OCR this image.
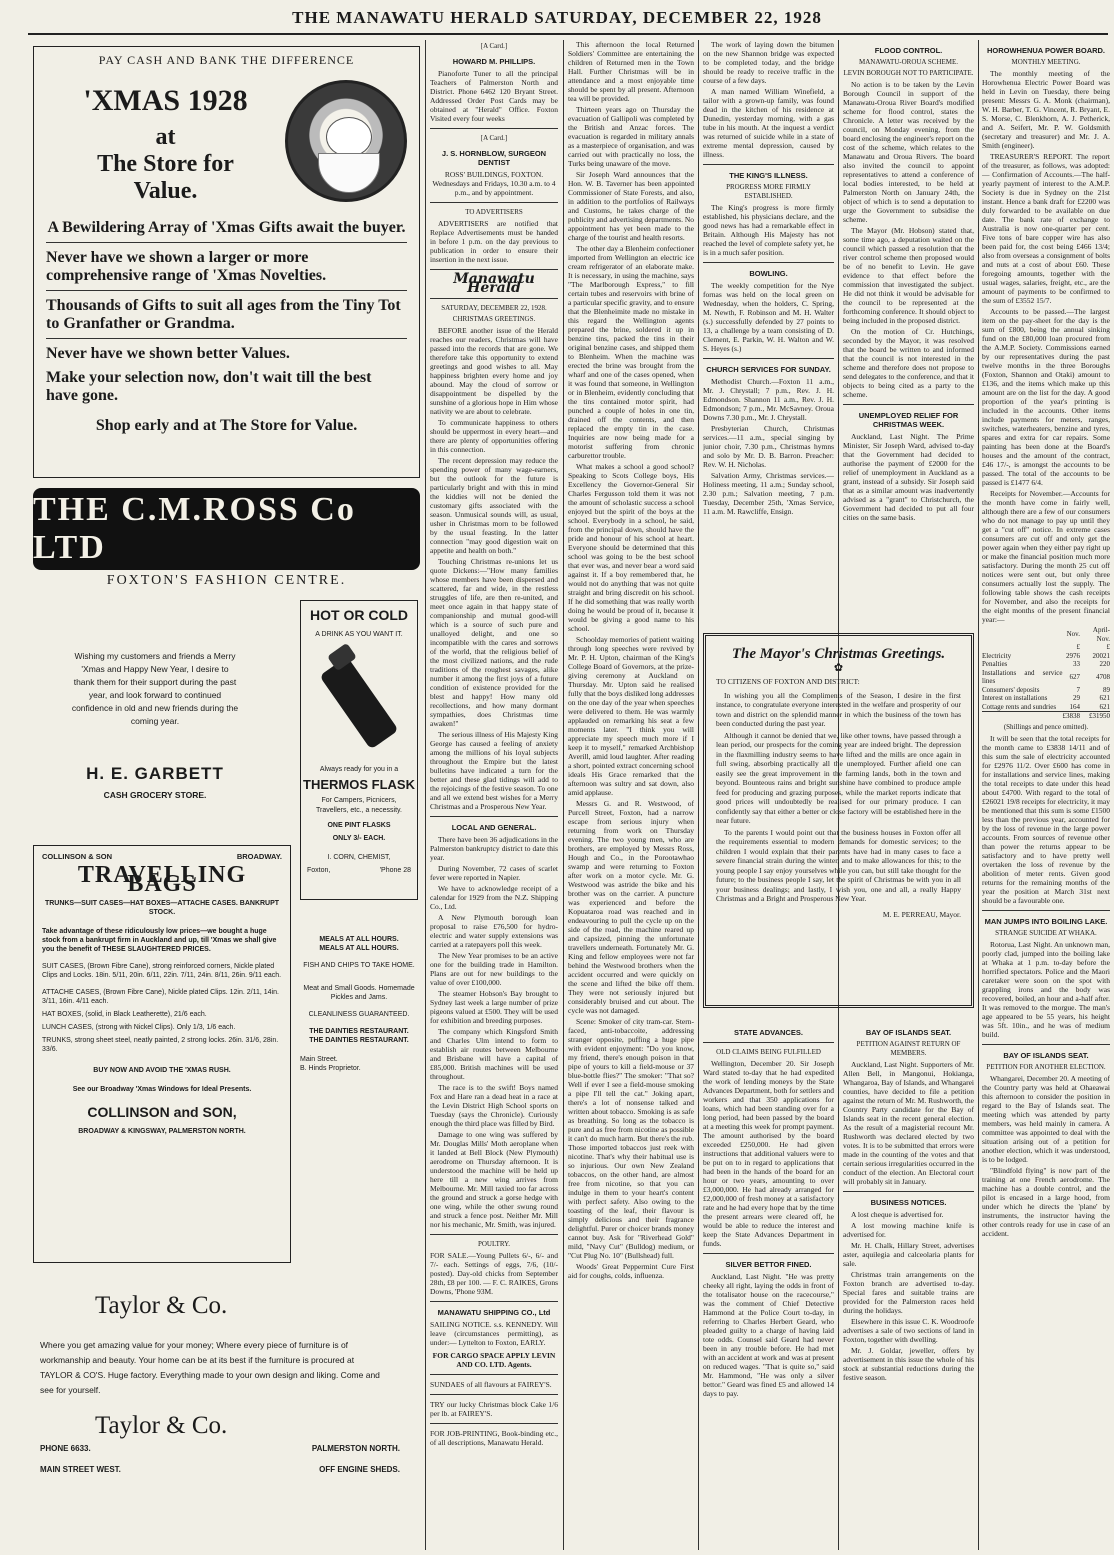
THE MANAWATU HERALD SATURDAY, DECEMBER 22, 1928
PAY CASH AND BANK THE DIFFERENCE
'XMAS 1928
at
The Store for
Value.
A Bewildering Array of 'Xmas Gifts await the buyer.
Never have we shown a larger or more comprehensive range of 'Xmas Novelties.
Thousands of Gifts to suit all ages from the Tiny Tot to Granfather or Grandma.
Never have we shown better Values.
Make your selection now, don't wait till the best have gone.
Shop early and at The Store for Value.
THE C.M.ROSS Co LTD
FOXTON'S FASHION CENTRE.
Wishing my customers and friends a Merry 'Xmas and Happy New Year, I desire to thank them for their support during the past year, and look forward to continued confidence in old and new friends during the coming year.
H. E. GARBETT
CASH GROCERY STORE.
HOT OR COLD
A DRINK AS YOU WANT IT.
Always ready for you in a
THERMOS FLASK
For Campers, Picnicers, Travellers, etc., a necessity.
ONE PINT FLASKS
ONLY 3/- EACH.
I. CORN, CHEMIST,
Foxton,	'Phone 28
COLLINSON & SON	BROADWAY.
TRAVELLING BAGS
TRUNKS—SUIT CASES—HAT BOXES—ATTACHE CASES. BANKRUPT STOCK.
Take advantage of these ridiculously low prices—we bought a huge stock from a bankrupt firm in Auckland and up, till 'Xmas we shall give you the benefit of THESE SLAUGHTERED PRICES.
SUIT CASES, (Brown Fibre Cane), strong reinforced corners, Nickle plated Clips and Locks. 18in. 5/11, 20in. 6/11, 22in. 7/11, 24in. 8/11, 26in. 9/11 each.
ATTACHE CASES, (Brown Fibre Cane), Nickle plated Clips. 12in. 2/11, 14in. 3/11, 16in. 4/11 each.
HAT BOXES, (solid, in Black Leatherette), 21/6 each.
LUNCH CASES, (strong with Nickel Clips). Only 1/3, 1/6 each.
TRUNKS, strong sheet steel, neatly painted, 2 strong locks. 26in. 31/6, 28in. 33/6.
BUY NOW AND AVOID THE 'XMAS RUSH.
See our Broadway 'Xmas Windows for Ideal Presents.
COLLINSON and SON,
BROADWAY & KINGSWAY, PALMERSTON NORTH.
MEALS AT ALL HOURS.
MEALS AT ALL HOURS.
FISH AND CHIPS TO TAKE HOME.
Meat and Small Goods. Homemade Pickles and Jams.
CLEANLINESS GUARANTEED.
THE DAINTIES RESTAURANT.
THE DAINTIES RESTAURANT.
Main Street.
B. Hinds Proprietor.
Taylor & Co.
Where you get amazing value for your money; Where every piece of furniture is of workmanship and beauty. Your home can be at its best if the furniture is procured at TAYLOR & CO'S. Huge factory. Everything made to your own design and liking. Come and see for yourself.
Taylor & Co.
PHONE 6633.	PALMERSTON NORTH.
MAIN STREET WEST.	OFF ENGINE SHEDS.
[A Card.]
HOWARD M. PHILLIPS.

Pianoforte Tuner to all the principal Teachers of Palmerston North and District. Phone 6462 120 Bryant Street. Addressed Order Post Cards may be obtained at "Herald" Office. Foxton Visited every four weeks

[A Card.]
J. S. HORNBLOW, SURGEON DENTIST

ROSS' BUILDINGS, FOXTON. Wednesdays and Fridays, 10.30 a.m. to 4 p.m., and by appointment.

TO ADVERTISERS

ADVERTISERS are notified that Replace Advertisements must be handed in before 1 p.m. on the day previous to publication in order to ensure their insertion in the next issue.

Manawatu Herald
SATURDAY, DECEMBER 22, 1928.
CHRISTMAS GREETINGS.

BEFORE another issue of the Herald reaches our readers, Christmas will have passed into the records that are gone. We therefore take this opportunity to extend greetings and good wishes to all. May happiness brighten every home and joy abound. May the cloud of sorrow or disappointment be dispelled by the sunshine of a glorious hope in Him whose nativity we are about to celebrate.

To communicate happiness to others should be uppermost in every heart—and there are plenty of opportunities offering in this connection.

The recent depression may reduce the spending power of many wage-earners, but the outlook for the future is particularly bright and with this in mind the kiddies will not be denied the customary gifts associated with the season. Unmusical sounds will, as usual, usher in Christmas morn to be followed by the usual feasting. In the latter connection "may good digestion wait on appetite and health on both."

Touching Christmas re-unions let us quote Dickens:—"How many families whose members have been dispersed and scattered, far and wide, in the restless struggles of life, are then re-united, and meet once again in that happy state of companionship and mutual good-will which is a source of such pure and unalloyed delight, and one so incompatible with the cares and sorrows of the world, that the religious belief of the most civilized nations, and the rude traditions of the roughest savages, alike number it among the first joys of a future condition of existence provided for the blest and happy! How many old recollections, and how many dormant sympathies, does Christmas time awaken!"

The serious illness of His Majesty King George has caused a feeling of anxiety among the millions of his loyal subjects throughout the Empire but the latest bulletins have indicated a turn for the better and these glad tidings will add to the rejoicings of the festive season. To one and all we extend best wishes for a Merry Christmas and a Prosperous New Year.

LOCAL AND GENERAL.

There have been 36 adjudications in the Palmerston bankruptcy district to date this year.

During November, 72 cases of scarlet fever were reported in Napier.

We have to acknowledge receipt of a calendar for 1929 from the N.Z. Shipping Co., Ltd.

A New Plymouth borough loan proposal to raise £76,500 for hydro-electric and water supply extensions was carried at a ratepayers poll this week.

The New Year promises to be an active one for the building trade in Hamilton. Plans are out for new buildings to the value of over £100,000.

The steamer Hobson's Bay brought to Sydney last week a large number of prize pigeons valued at £500. They will be used for exhibition and breeding purposes.

The company which Kingsford Smith and Charles Ulm intend to form to establish air routes between Melbourne and Brisbane will have a capital of £85,000. British machines will be used throughout.

The race is to the swift! Boys named Fox and Hare ran a dead heat in a race at the Levin District High School sports on Tuesday (says the Chronicle). Curiously enough the third place was filled by Bird.

Damage to one wing was suffered by Mr. Douglas Mills' Moth aeroplane when it landed at Bell Block (New Plymouth) aerodrome on Thursday afternoon. It is understood the machine will be held up here till a new wing arrives from Melbourne. Mr. Mill taxied too far across the ground and struck a gorse hedge with one wing, while the other swung round and struck a fence post. Neither Mr. Mill nor his mechanic, Mr. Smith, was injured.

POULTRY.

FOR SALE.—Young Pullets 6/-, 6/- and 7/- each. Settings of eggs, 7/6, (10/- posted). Day-old chicks from September 28th, £8 per 100. — F. C. RAIKES, Grons Downs, 'Phone 93M.

MANAWATU SHIPPING CO., Ltd

SAILING NOTICE. s.s. KENNEDY. Will leave (circumstances permitting), as under:— Lyttelton to Foxton, EARLY.

FOR CARGO SPACE APPLY LEVIN AND CO. LTD. Agents.

SUNDAES of all flavours at FAIREY'S.

TRY our lucky Christmas block Cake 1/6 per lb. at FAIREY'S.

FOR JOB-PRINTING, Book-binding etc., of all descriptions, Manawatu Herald.

This afternoon the local Returned Soldiers' Committee are entertaining the children of Returned men in the Town Hall. Further Christmas will be in attendance and a most enjoyable time should be spent by all present. Afternoon tea will be provided.

Thirteen years ago on Thursday the evacuation of Gallipoli was completed by the British and Anzac forces. The evacuation is regarded in military annals as a masterpiece of organisation, and was carried out with practically no loss, the Turks being unaware of the move.

Sir Joseph Ward announces that the Hon. W. B. Taverner has been appointed Commissioner of State Forests, and also, in addition to the portfolios of Railways and Customs, he takes charge of the publicity and advertising departments. No appointment has yet been made to the charge of the tourist and health resorts.

The other day a Blenheim confectioner imported from Wellington an electric ice cream refrigerator of an elaborate make. It is necessary, in using the machine, says "The Marlborough Express," to fill certain tubes and reservoirs with brine of a particular specific gravity, and to ensure that the Blenheimite made no mistake in this regard the Wellington agents prepared the brine, soldered it up in benzine tins, packed the tins in their original benzine cases, and shipped them to Blenheim. When the machine was erected the brine was brought from the wharf and one of the cases opened, when it was found that someone, in Wellington or in Blenheim, evidently concluding that the tins contained motor spirit, had punched a couple of holes in one tin, drained off the contents, and then replaced the empty tin in the case. Inquiries are now being made for a motorist suffering from chronic carburettor trouble.

What makes a school a good school? Speaking to Scots College boys, His Excellency the Governor-General Sir Charles Fergusson told them it was not the amount of scholastic success a school enjoyed but the spirit of the boys at the school. Everybody in a school, he said, from the principal down, should have the pride and honour of his school at heart. Everyone should be determined that this school was going to be the best school that ever was, and never bear a word said against it. If a boy remembered that, he would not do anything that was not quite straight and bring discredit on his school. If he did something that was really worth doing he would be proud of it, because it would be giving a good name to his school.

Schoolday memories of patient waiting through long speeches were revived by Mr. P. H. Upton, chairman of the King's College Board of Governors, at the prize-giving ceremony at Auckland on Thursday. Mr. Upton said he realised fully that the boys disliked long addresses on the one day of the year when speeches were delivered to them. He was warmly applauded on remarking his seat a few moments later. "I think you will appreciate my speech much more if I keep it to myself," remarked Archbishop Averill, amid loud laughter. After reading a short, pointed extract concerning school ideals His Grace remarked that the afternoon was sultry and sat down, also amid applause.

Messrs G. and R. Westwood, of Purcell Street, Foxton, had a narrow escape from serious injury when returning from work on Thursday evening. The two young men, who are brothers, are employed by Messrs Ross, Hough and Co., in the Porootawhao swamp and were returning to Foxton after work on a motor cycle. Mr. G. Westwood was astride the bike and his brother was on the carrier. A puncture was experienced and before the Kopuataroa road was reached and in endeavouring to pull the cycle up on the side of the road, the machine reared up and capsized, pinning the unfortunate travellers underneath. Fortunately Mr. G. King and fellow employees were not far behind the Westwood brothers when the accident occurred and were quickly on the scene and lifted the bike off them. They were not seriously injured but considerably bruised and cut about. The cycle was not damaged.

Scene: Smoker of city tram-car. Stern-faced, anti-tobaccoite, addressing stranger opposite, puffing a huge pipe with evident enjoyment: "Do you know, my friend, there's enough poison in that pipe of yours to kill a field-mouse or 37 blue-bottle flies?" The smoker: "That so? Well if ever I see a field-mouse smoking a pipe I'll tell the cat." Joking apart, there's a lot of nonsense talked and written about tobacco. Smoking is as safe as breathing. So long as the tobacco is pure and as free from nicotine as possible it can't do much harm. But there's the rub. Those imported tobaccos just reek with nicotine. That's why their habitual use is so injurious. Our own New Zealand tobaccos, on the other hand, are almost free from nicotine, so that you can indulge in them to your heart's content with perfect safety. Also owing to the toasting of the leaf, their flavour is simply delicious and their fragrance delightful. Purer or choicer brands money cannot buy. Ask for "Riverhead Gold" mild, "Navy Cut" (Bulldog) medium, or "Cut Plug No. 10" (Bullshead) full.

Woods' Great Peppermint Cure First aid for coughs, colds, influenza.

The work of laying down the bitumen on the new Shannon bridge was expected to be completed today, and the bridge should be ready to receive traffic in the course of a few days.

A man named William Winefield, a tailor with a grown-up family, was found dead in the kitchen of his residence at Dunedin, yesterday morning, with a gas tube in his mouth. At the inquest a verdict was returned of suicide while in a state of extreme mental depression, caused by illness.

THE KING'S ILLNESS.
PROGRESS MORE FIRMLY ESTABLISHED.

The King's progress is more firmly established, his physicians declare, and the good news has had a remarkable effect in Britain. Although His Majesty has not reached the level of complete safety yet, he is in a much safer position.

BOWLING.

The weekly competition for the Nye fornas was held on the local green on Wednesday, when the holders, C. Spring, M. Newth, F. Robinson and M. H. Walter (s.) successfully defended by 27 points to 13, a challenge by a team consisting of D. Clement, E. Parkin, W. H. Walton and W. S. Heyes (s.)

CHURCH SERVICES FOR SUNDAY.

Methodist Church.—Foxton 11 a.m., Mr. J. Chrystall; 7 p.m., Rev. J. H. Edmondson. Shannon 11 a.m., Rev. J. H. Edmondson; 7 p.m., Mr. McSavney. Oroua Downs 7.30 p.m., Mr. J. Chrystall.

Presbyterian Church, Christmas services.—11 a.m., special singing by junior choir, 7.30 p.m., Christmas hymns and solo by Mr. D. B. Barron. Preacher: Rev. W. H. Nicholas.

Salvation Army, Christmas services.—Holiness meeting, 11 a.m.; Sunday school, 2.30 p.m.; Salvation meeting, 7 p.m. Tuesday, December 25th, 'Xmas Service, 11 a.m. M. Rawcliffe, Ensign.

FLOOD CONTROL.
MANAWATU-OROUA SCHEME.
LEVIN BOROUGH NOT TO PARTICIPATE.

No action is to be taken by the Levin Borough Council in support of the Manawatu-Oroua River Board's modified scheme for flood control, states the Chronicle. A letter was received by the council, on Monday evening, from the board enclosing the engineer's report on the cost of the scheme, which relates to the Manawatu and Oroua Rivers. The board also invited the council to appoint representatives to attend a conference of local bodies interested, to be held at Palmerston North on January 24th, the object of which is to send a deputation to urge the Government to subsidise the scheme.

The Mayor (Mr. Hobson) stated that, some time ago, a deputation waited on the council which passed a resolution that the river control scheme then proposed would be of no benefit to Levin. He gave evidence to that effect before the commission that investigated the subject. He did not think it would be advisable for the council to be represented at the forthcoming conference. It should object to being included in the proposed district.

On the motion of Cr. Hutchings, seconded by the Mayor, it was resolved that the board be written to and informed that the council is not interested in the scheme and therefore does not propose to send delegates to the conference, and that it objects to being cited as a party to the scheme.

UNEMPLOYED RELIEF FOR CHRISTMAS WEEK.

Auckland, Last Night. The Prime Minister, Sir Joseph Ward, advised to-day that the Government had decided to authorise the payment of £2000 for the relief of unemployment in Auckland as a grant, instead of a subsidy. Sir Joseph said that as a similar amount was inadvertently advised as a "grant" to Christchurch, the Government had decided to put all four cities on the same basis.

The Mayor's Christmas Greetings.
✿
TO CITIZENS OF FOXTON AND DISTRICT:

In wishing you all the Compliments of the Season, I desire in the first instance, to congratulate everyone interested in the welfare and prosperity of our town and district on the splendid manner in which the business of the town has been conducted during the past year.

Although it cannot be denied that we, like other towns, have passed through a lean period, our prospects for the coming year are indeed bright. The depression in the flaxmilling industry seems to have lifted and the mills are once again in full swing, absorbing practically all the unemployed. Further afield one can easily see the great improvement in the farming lands, both in the town and beyond. Bounteous rains and bright sunshine have combined to produce ample feed for producing and grazing purposes, while the market reports indicate that good prices will undoubtedly be realised for our primary produce. I can confidently say that either a better or close factory will be established here in the near future.

To the parents I would point out that the business houses in Foxton offer all the requirements essential to modern demands for domestic services; to the children I would explain that their parents have had in many cases to face a severe financial strain during the winter, and to make allowances for this; to the young people I say enjoy yourselves while you can, but still take thought for the future; to the business people I say, let the spirit of Christmas be with you in all your business dealings; and lastly, I wish you, one and all, a really Happy Christmas and a Bright and Prosperous New Year.

M. E. PERREAU, Mayor.
STATE ADVANCES.
OLD CLAIMS BEING FULFILLED

Wellington, December 20. Sir Joseph Ward stated to-day that he had expedited the work of lending moneys by the State Advances Department, both for settlers and workers and that 350 applications for loans, which had been standing over for a long period, had been passed by the board at a meeting this week for prompt payment. The amount authorised by the board exceeded £250,000. He had given instructions that additional valuers were to be put on to in regard to applications that had been in the hands of the board for an hour or two years, amounting to over £3,000,000. He had already arranged for £2,000,000 of fresh money at a satisfactory rate and he had every hope that by the time the present arrears were cleared off, he would be able to reduce the interest and keep the State Advances Department in funds.

SILVER BETTOR FINED.

Auckland, Last Night. "He was pretty cheeky all right, laying the odds in front of the totalisator house on the racecourse," was the comment of Chief Detective Hammond at the Police Court to-day, in referring to Charles Herbert Geard, who pleaded guilty to a charge of having laid tote odds. Counsel said Geard had never been in any trouble before. He had met with an accident at work and was at present on reduced wages. "That is quite so," said Mr. Hammond, "He was only a silver bettor." Geard was fined £5 and allowed 14 days to pay.

BAY OF ISLANDS SEAT.
PETITION AGAINST RETURN OF MEMBERS.

Auckland, Last Night. Supporters of Mr. Allen Bell, in Mangonui, Hokianga, Whangaroa, Bay of Islands, and Whangarei counties, have decided to file a petition against the return of Mr. M. Rushworth, the Country Party candidate for the Bay of Islands seat in the recent general election. As the result of a magisterial recount Mr. Rushworth was declared elected by two votes. It is to be submitted that errors were made in the counting of the votes and that certain serious irregularities occurred in the conduct of the election. An Electoral court will probably sit in January.

BUSINESS NOTICES.

A lost cheque is advertised for.

A lost mowing machine knife is advertised for.

Mr. H. Chalk, Hillary Street, advertises aster, aquilegia and calceolaria plants for sale.

Christmas train arrangements on the Foxton branch are advertised to-day. Special fares and suitable trains are provided for the Palmerston races held during the holidays.

Elsewhere in this issue C. K. Woodroofe advertises a sale of two sections of land in Foxton, together with dwelling.

Mr. J. Goldar, jeweller, offers by advertisement in this issue the whole of his stock at substantial reductions during the festive season.

HOROWHENUA POWER BOARD.
MONTHLY MEETING.

The monthly meeting of the Horowhenua Electric Power Board was held in Levin on Tuesday, there being present: Messrs G. A. Monk (chairman), W. H. Barber, T. G. Vincent, R. Bryant, E. S. Morse, C. Blenkhorn, A. J. Petherick, and A. Seifert, Mr. P. W. Goldsmith (secretary and treasurer) and Mr. J. A. Smith (engineer).

TREASURER'S REPORT. The report of the treasurer, as follows, was adopted:— Confirmation of Accounts.—The half-yearly payment of interest to the A.M.P. Society is due in Sydney on the 21st instant. Hence a bank draft for £2200 was duly forwarded to be available on due date. The bank rate of exchange to Australia is now one-quarter per cent. Five tons of bare copper wire has also been paid for, the cost being £466 13/4; also from overseas a consignment of bolts and nuts at a cost of about £60. These foregoing amounts, together with the usual wages, salaries, freight, etc., are the amount of payments to be confirmed to the sum of £3552 15/7.

Accounts to be passed.—The largest item on the pay-sheet for the day is the sum of £800, being the annual sinking fund on the £80,000 loan procured from the A.M.P. Society. Commissions earned by our representatives during the past twelve months in the three Boroughs (Foxton, Shannon and Otaki) amount to £136, and the items which make up this amount are on the list for the day. A good proportion of the year's printing is included in the accounts. Other items include payments for meters, ranges, switches, waterheaters, benzine and tyres, spares and extra for car repairs. Some painting has been done at the Board's houses and the amount of the contract, £46 17/-, is amongst the accounts to be passed. The total of the accounts to be passed is £1477 6/4.

Receipts for November.—Accounts for the month have come in fairly well, although there are a few of our consumers who do not manage to pay up until they get a "cut off" notice. In extreme cases consumers are cut off and only get the power again when they either pay right up or make the financial position much more satisfactory. During the month 25 cut off notices were sent out, but only three consumers actually lost the supply. The following table shows the cash receipts for November, and also the receipts for the eight months of the present financial year:—

	Nov.	April-Nov.
	£	£
Electricity	2976	20021
Penalties	33	220
Installations and service lines	627	4708
Consumers' deposits	7	89
Interest on installations	29	621
Cottage rents and sundries	164	621
	£3838	£31950
(Shillings and pence omitted).

It will be seen that the total receipts for the month came to £3838 14/11 and of this sum the sale of electricity accounted for £2976 11/2. Over £600 has come in for installations and service lines, making the total receipts to date under this head about £4700. With regard to the total of £26021 19/8 receipts for electricity, it may be mentioned that this sum is some £1500 less than the previous year, accounted for by the loss of revenue in the large power accounts. From sources of revenue other than power the returns appear to be satisfactory and to have pretty well overtaken the loss of revenue by the abolition of meter rents. Given good returns for the remaining months of the year the position at March 31st next should be a favourable one.

MAN JUMPS INTO BOILING LAKE.
STRANGE SUICIDE AT WHAKA.

Rotorua, Last Night. An unknown man, poorly clad, jumped into the boiling lake at Whaka at 1 p.m. to-day before the horrified spectators. Police and the Maori caretaker were soon on the spot with grappling irons and the body was recovered, boiled, an hour and a-half after. It was removed to the morgue. The man's age appeared to be 55 years, his height was 5ft. 10in., and he was of medium build.

BAY OF ISLANDS SEAT.
PETITION FOR ANOTHER ELECTION.

Whangarei, December 20. A meeting of the Country party was held at Ohaeawai this afternoon to consider the position in regard to the Bay of Islands seat. The meeting which was attended by party members, was held mainly in camera. A committee was appointed to deal with the situation arising out of a petition for another election, which it was understood, is to be lodged.

"Blindfold flying" is now part of the training at one French aerodrome. The machine has a double control, and the pilot is encased in a large hood, from under which he directs the 'plane' by instruments, the instructor having the other controls ready for use in case of an accident.
